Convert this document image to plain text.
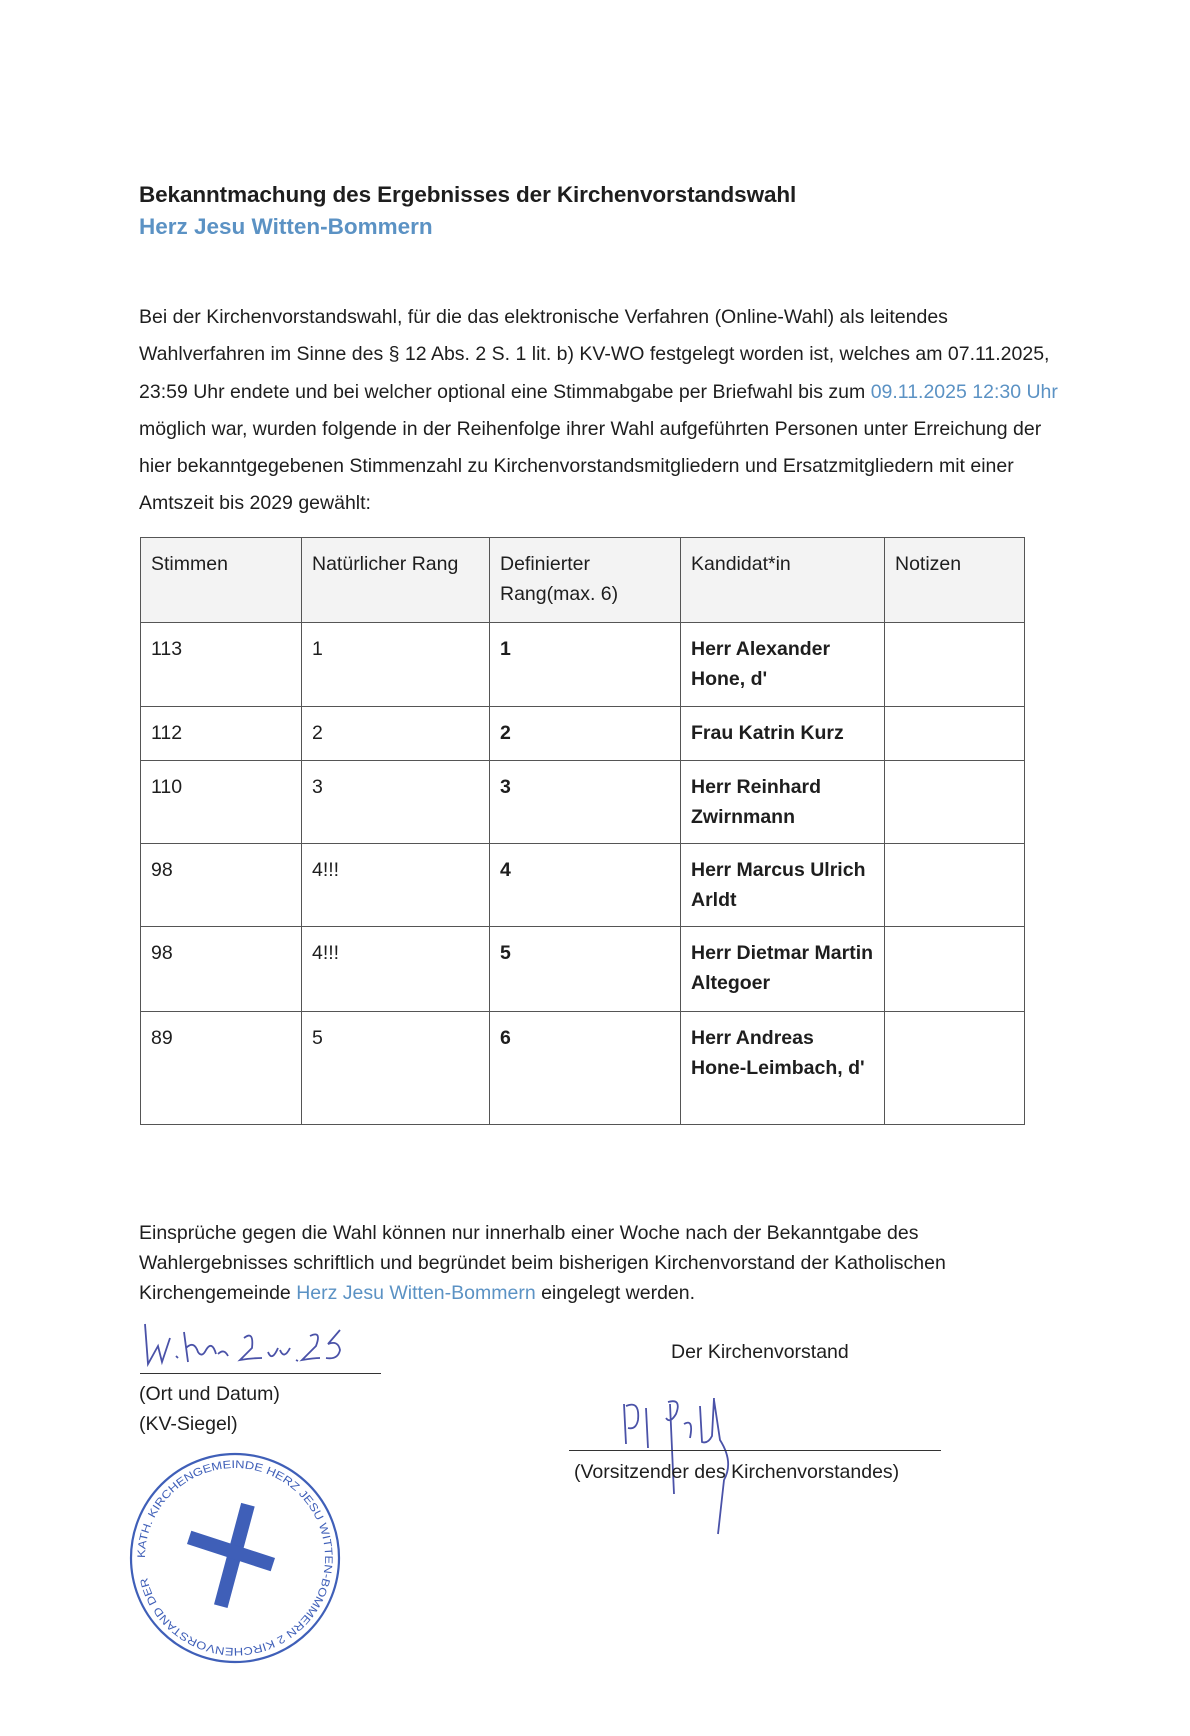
Bekanntmachung des Ergebnisses der Kirchenvorstandswahl
Herz Jesu Witten-Bommern
Bei der Kirchenvorstandswahl, für die das elektronische Verfahren (Online-Wahl) als leitendes Wahlverfahren im Sinne des § 12 Abs. 2 S. 1 lit. b) KV-WO festgelegt worden ist, welches am 07.11.2025, 23:59 Uhr endete und bei welcher optional eine Stimmabgabe per Briefwahl bis zum 09.11.2025 12:30 Uhr möglich war, wurden folgende in der Reihenfolge ihrer Wahl aufgeführten Personen unter Erreichung der hier bekanntgegebenen Stimmenzahl zu Kirchenvorstandsmitgliedern und Ersatzmitgliedern mit einer Amtszeit bis 2029 gewählt:
Stimmen	Natürlicher Rang	Definierter Rang(max. 6)	Kandidat*in	Notizen
113	1	1	Herr Alexander Hone, d'	
112	2	2	Frau Katrin Kurz	
110	3	3	Herr Reinhard Zwirnmann	
98	4!!!	4	Herr Marcus Ulrich Arldt	
98	4!!!	5	Herr Dietmar Martin Altegoer	
89	5	6	Herr Andreas Hone-Leimbach, d'	
Einsprüche gegen die Wahl können nur innerhalb einer Woche nach der Bekanntgabe des Wahlergebnisses schriftlich und begründet beim bisherigen Kirchenvorstand der Katholischen Kirchengemeinde Herz Jesu Witten-Bommern eingelegt werden.
(Ort und Datum)
(KV-Siegel)
KATH. KIRCHENGEMEINDE HERZ JESU WITTEN-BOMMERN 2 KIRCHENVORSTAND DER
Der Kirchenvorstand
(Vorsitzender des Kirchenvorstandes)
